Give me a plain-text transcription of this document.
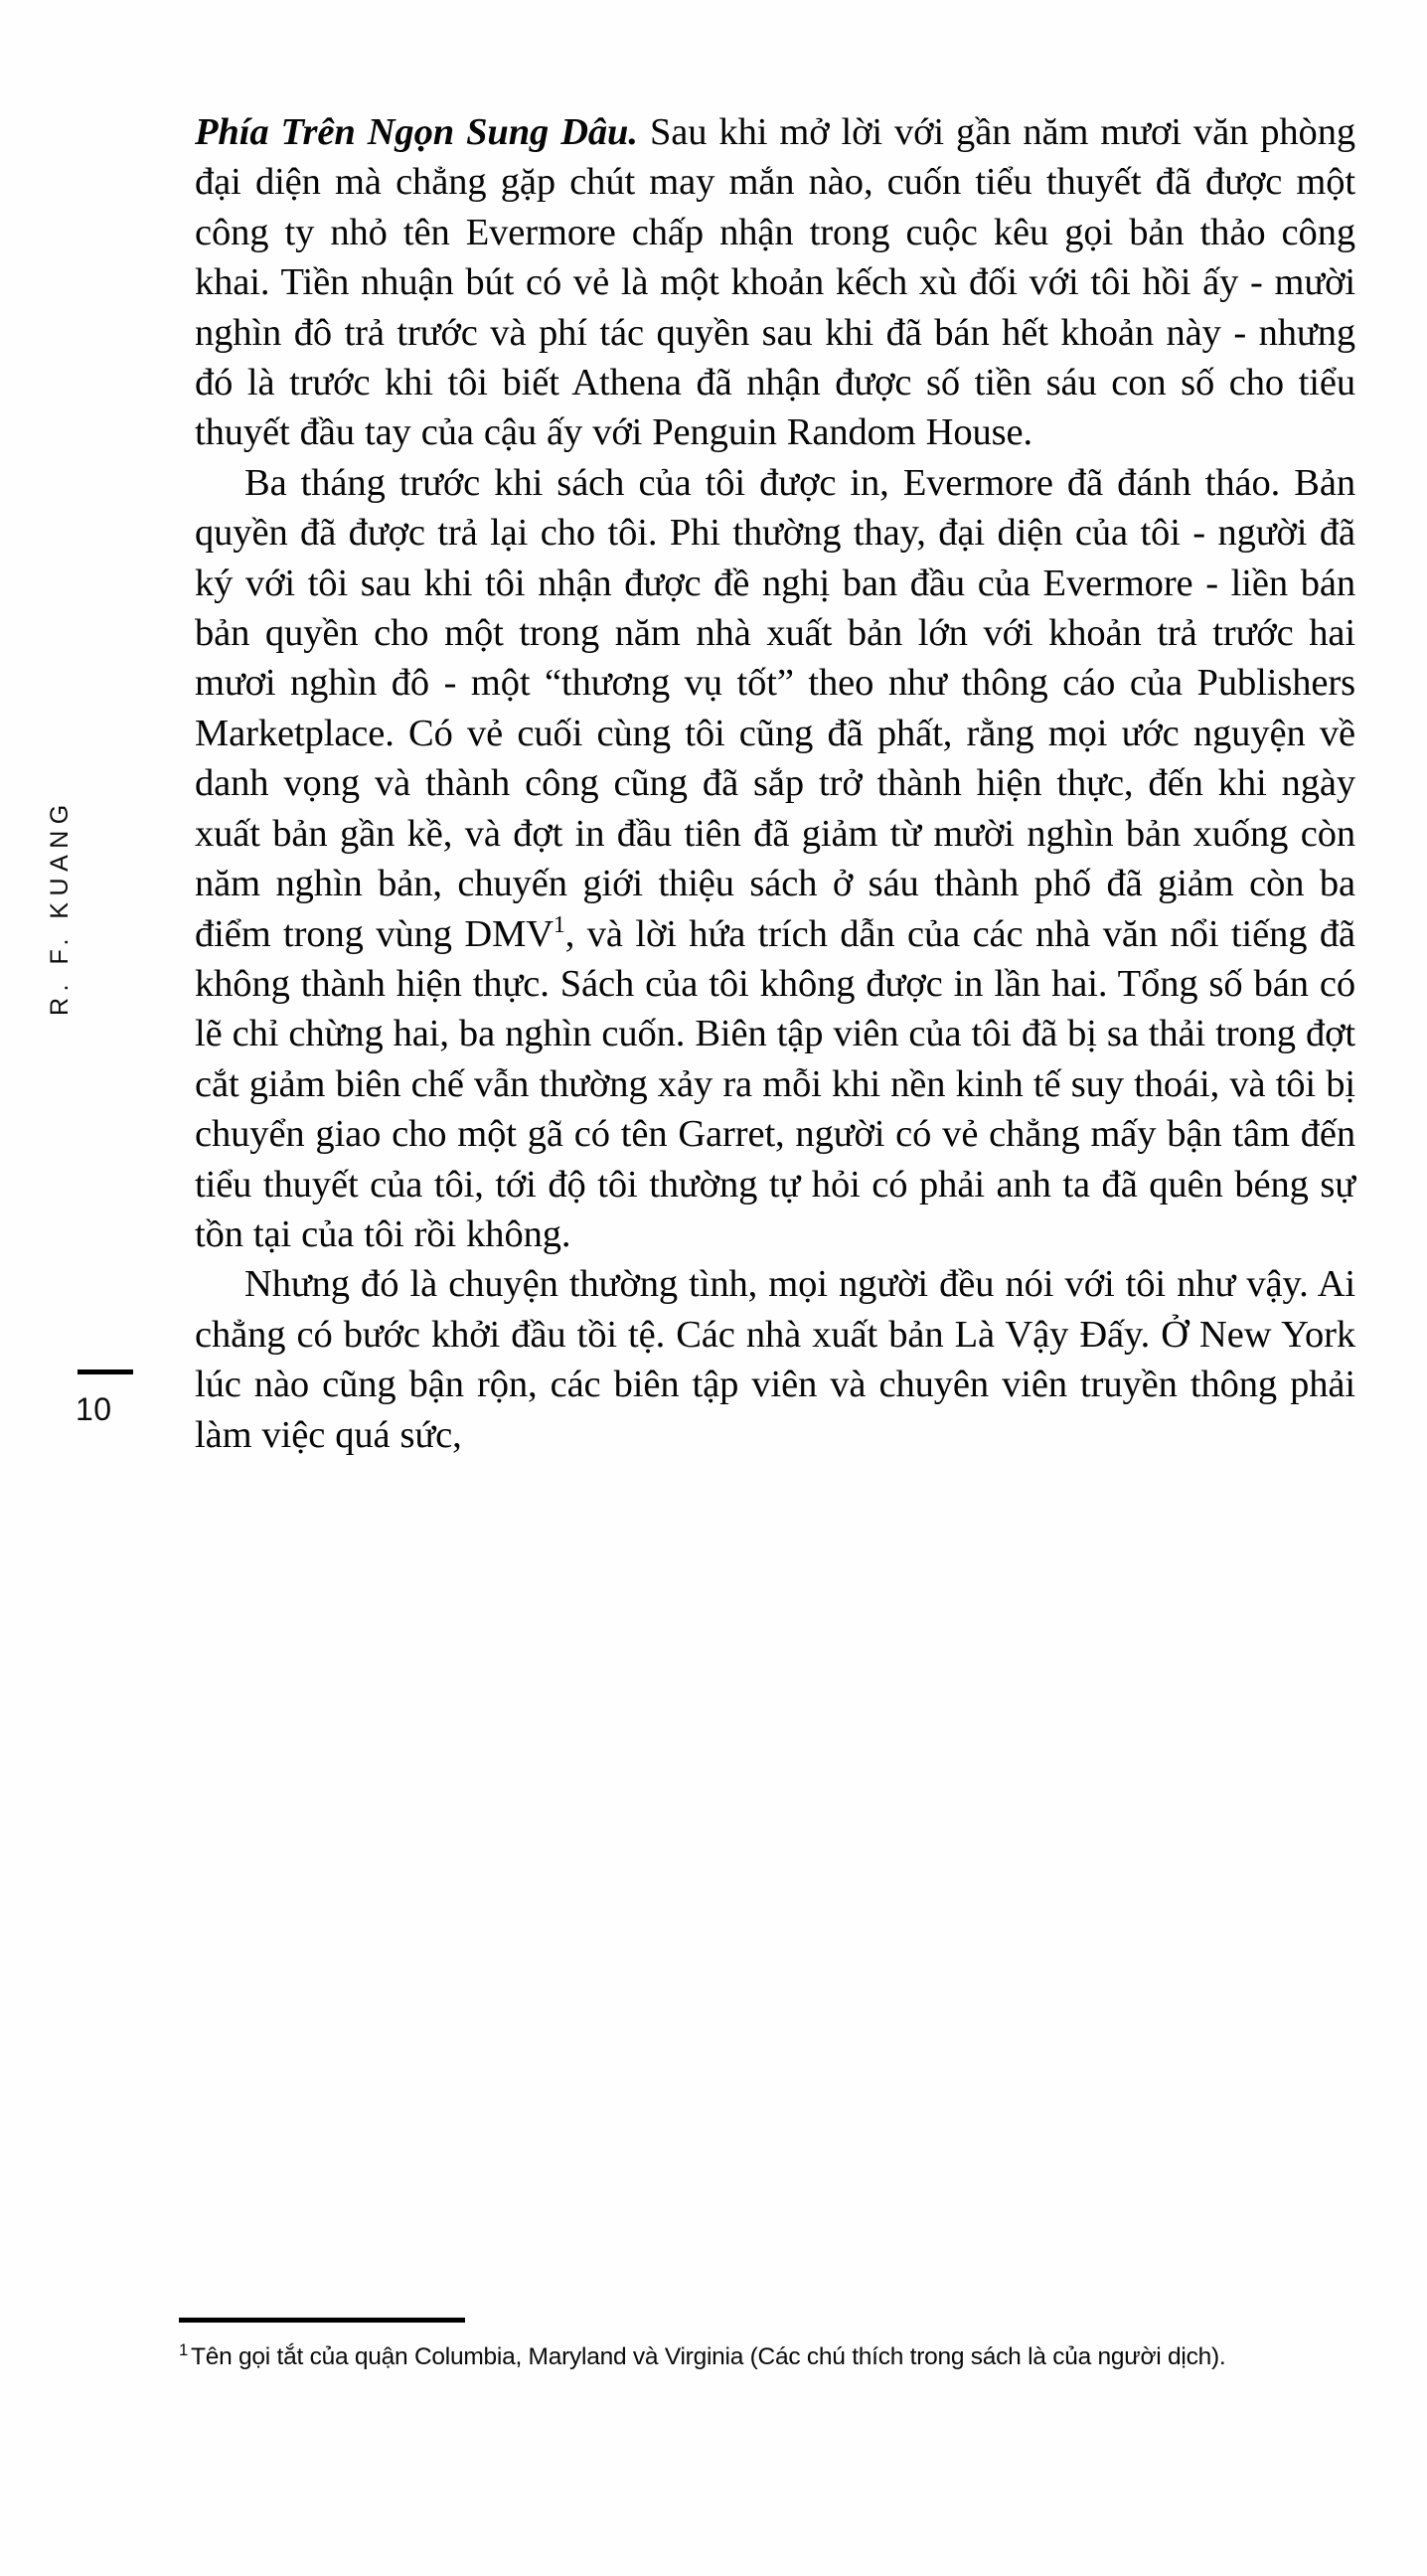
R. F. KUANG
10

Phía Trên Ngọn Sung Dâu. Sau khi mở lời với gần năm mươi văn phòng đại diện mà chẳng gặp chút may mắn nào, cuốn tiểu thuyết đã được một công ty nhỏ tên Evermore chấp nhận trong cuộc kêu gọi bản thảo công khai. Tiền nhuận bút có vẻ là một khoản kếch xù đối với tôi hồi ấy - mười nghìn đô trả trước và phí tác quyền sau khi đã bán hết khoản này - nhưng đó là trước khi tôi biết Athena đã nhận được số tiền sáu con số cho tiểu thuyết đầu tay của cậu ấy với Penguin Random House.

Ba tháng trước khi sách của tôi được in, Evermore đã đánh tháo. Bản quyền đã được trả lại cho tôi. Phi thường thay, đại diện của tôi - người đã ký với tôi sau khi tôi nhận được đề nghị ban đầu của Evermore - liền bán bản quyền cho một trong năm nhà xuất bản lớn với khoản trả trước hai mươi nghìn đô - một “thương vụ tốt” theo như thông cáo của Publishers Marketplace. Có vẻ cuối cùng tôi cũng đã phất, rằng mọi ước nguyện về danh vọng và thành công cũng đã sắp trở thành hiện thực, đến khi ngày xuất bản gần kề, và đợt in đầu tiên đã giảm từ mười nghìn bản xuống còn năm nghìn bản, chuyến giới thiệu sách ở sáu thành phố đã giảm còn ba điểm trong vùng DMV$^1$, và lời hứa trích dẫn của các nhà văn nổi tiếng đã không thành hiện thực. Sách của tôi không được in lần hai. Tổng số bán có lẽ chỉ chừng hai, ba nghìn cuốn. Biên tập viên của tôi đã bị sa thải trong đợt cắt giảm biên chế vẫn thường xảy ra mỗi khi nền kinh tế suy thoái, và tôi bị chuyển giao cho một gã có tên Garret, người có vẻ chẳng mấy bận tâm đến tiểu thuyết của tôi, tới độ tôi thường tự hỏi có phải anh ta đã quên béng sự tồn tại của tôi rồi không.

Nhưng đó là chuyện thường tình, mọi người đều nói với tôi như vậy. Ai chẳng có bước khởi đầu tồi tệ. Các nhà xuất bản Là Vậy Đấy. Ở New York lúc nào cũng bận rộn, các biên tập viên và chuyên viên truyền thông phải làm việc quá sức,

$^1$ Tên gọi tắt của quận Columbia, Maryland và Virginia (Các chú thích trong sách là của người dịch).
